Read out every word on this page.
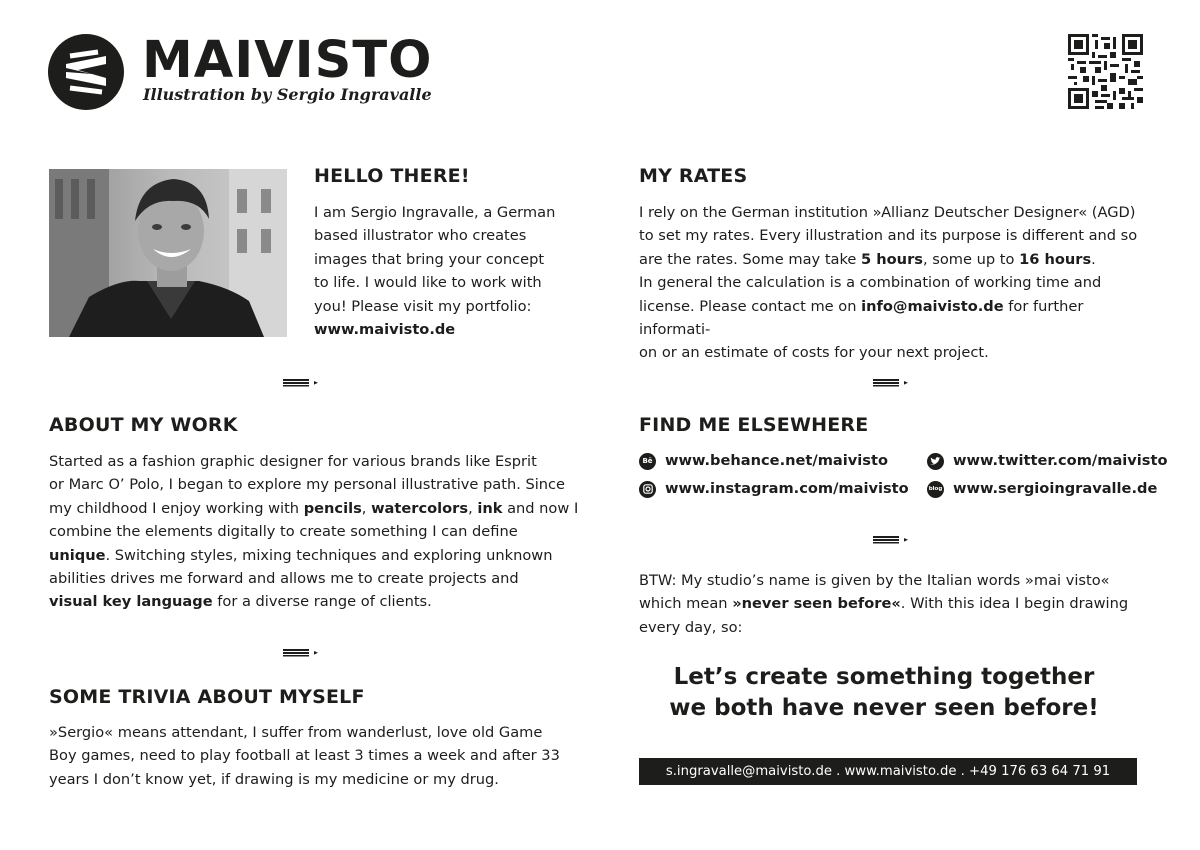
MAIVISTO
Illustration by Sergio Ingravalle
HELLO THERE!

I am Sergio Ingravalle, a German

based illustrator who creates

images that bring your concept

to life. I would like to work with

you! Please visit my portfolio:

www.maivisto.de

MY RATES

I rely on the German institution »Allianz Deutscher Designer« (AGD)

to set my rates. Every illustration and its purpose is different and so

are the rates. Some may take 5 hours, some up to 16 hours.

In general the calculation is a combination of working time and

license. Please contact me on info@maivisto.de for further informati-

on or an estimate of costs for your next project.

ABOUT MY WORK

Started as a fashion graphic designer for various brands like Esprit

or Marc O’ Polo, I began to explore my personal illustrative path. Since

my childhood I enjoy working with pencils, watercolors, ink and now I

combine the elements digitally to create something I can define

unique. Switching styles, mixing techniques and exploring unknown

abilities drives me forward and allows me to create projects and

visual key language for a diverse range of clients.

SOME TRIVIA ABOUT MYSELF

»Sergio« means attendant, I suffer from wanderlust, love old Game

Boy games, need to play football at least 3 times a week and after 33

years I don’t know yet, if drawing is my medicine or my drug.

FIND ME ELSEWHERE
Bē www.behance.net/maivisto	www.twitter.com/maivisto
www.instagram.com/maivisto	blog www.sergioingravalle.de

BTW: My studio’s name is given by the Italian words »mai visto«

which mean »never seen before«. With this idea I begin drawing

every day, so:

Let’s create something together
we both have never seen before!
s.ingravalle@maivisto.de . www.maivisto.de . +49 176 63 64 71 91
